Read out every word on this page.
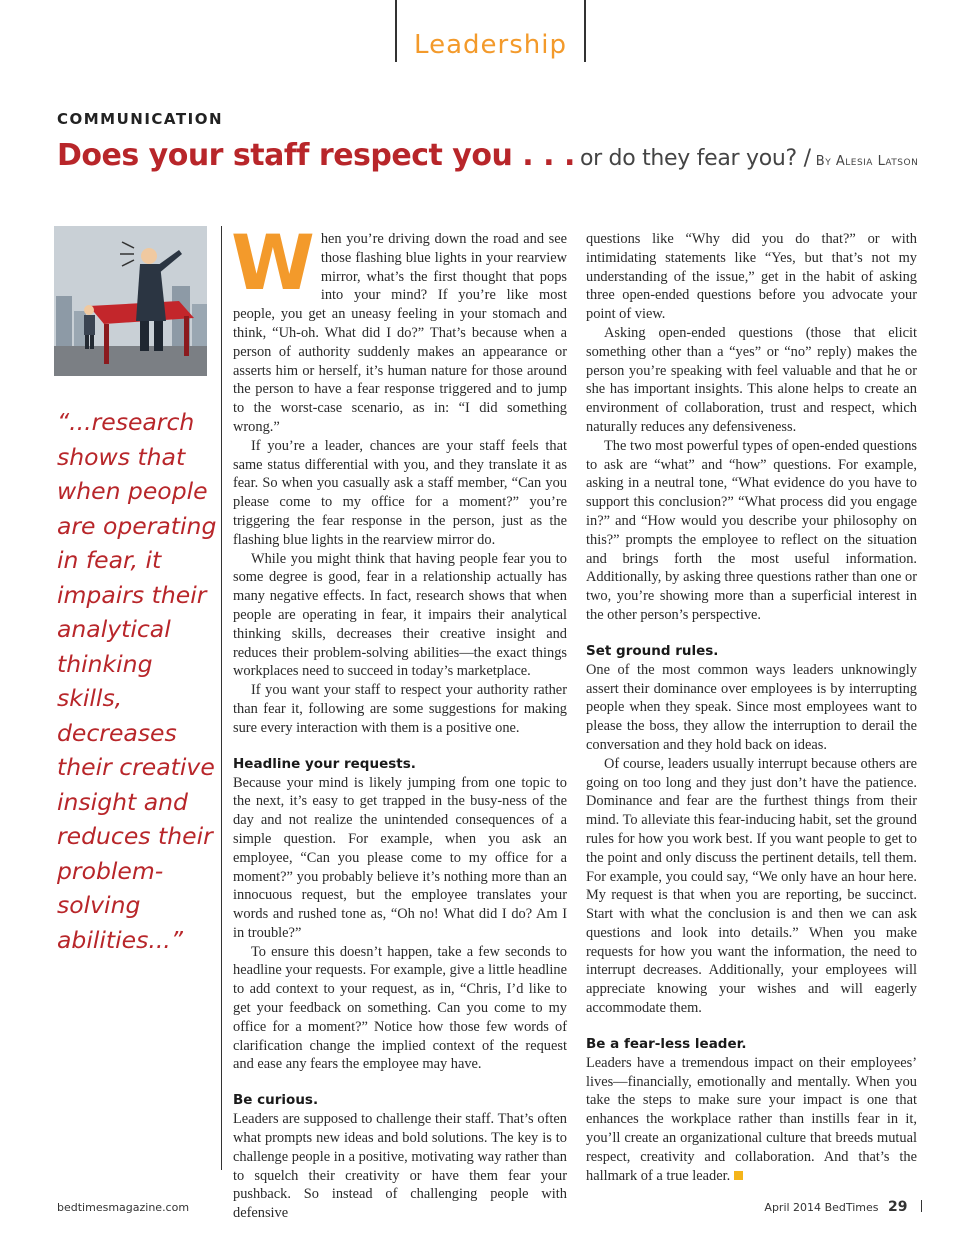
Leadership
COMMUNICATION
Does your staff respect you . . . or do they fear you? / By Alesia Latson

“...research shows that when people are operating in fear, it impairs their analytical thinking skills, decreases their creative insight and reduces their problem-solving abilities...”

W hen you’re driving down the road and see those flashing blue lights in your rearview mirror, what’s the first thought that pops into your mind? If you’re like most people, you get an uneasy feeling in your stomach and think, “Uh-oh. What did I do?” That’s because when a person of authority suddenly makes an appearance or asserts him or herself, it’s human nature for those around the person to have a fear response triggered and to jump to the worst-case scenario, as in: “I did something wrong.”

If you’re a leader, chances are your staff feels that same status differential with you, and they translate it as fear. So when you casually ask a staff member, “Can you please come to my office for a moment?” you’re triggering the fear response in the person, just as the flashing blue lights in the rearview mirror do.

While you might think that having people fear you to some degree is good, fear in a relationship actually has many negative effects. In fact, research shows that when people are operating in fear, it impairs their analytical thinking skills, decreases their creative insight and reduces their problem-solving abilities—the exact things workplaces need to succeed in today’s marketplace.

If you want your staff to respect your authority rather than fear it, following are some suggestions for making sure every interaction with them is a positive one.

Headline your requests.

Because your mind is likely jumping from one topic to the next, it’s easy to get trapped in the busy-ness of the day and not realize the unintended consequences of a simple question. For example, when you ask an employee, “Can you please come to my office for a moment?” you probably believe it’s nothing more than an innocuous request, but the employee translates your words and rushed tone as, “Oh no! What did I do? Am I in trouble?”

To ensure this doesn’t happen, take a few seconds to headline your requests. For example, give a little headline to add context to your request, as in, “Chris, I’d like to get your feedback on something. Can you come to my office for a moment?” Notice how those few words of clarification change the implied context of the request and ease any fears the employee may have.

Be curious.

Leaders are supposed to challenge their staff. That’s often what prompts new ideas and bold solutions. The key is to challenge people in a positive, motivating way rather than to squelch their creativity or have them fear your pushback. So instead of challenging people with defensive

questions like “Why did you do that?” or with intimidating statements like “Yes, but that’s not my understanding of the issue,” get in the habit of asking three open-ended questions before you advocate your point of view.

Asking open-ended questions (those that elicit something other than a “yes” or “no” reply) makes the person you’re speaking with feel valuable and that he or she has important insights. This alone helps to create an environment of collaboration, trust and respect, which naturally reduces any defensiveness.

The two most powerful types of open-ended questions to ask are “what” and “how” questions. For example, asking in a neutral tone, “What evidence do you have to support this conclusion?” “What process did you engage in?” and “How would you describe your philosophy on this?” prompts the employee to reflect on the situation and brings forth the most useful information. Additionally, by asking three questions rather than one or two, you’re showing more than a superficial interest in the other person’s perspective.

Set ground rules.

One of the most common ways leaders unknowingly assert their dominance over employees is by interrupting people when they speak. Since most employees want to please the boss, they allow the interruption to derail the conversation and they hold back on ideas.

Of course, leaders usually interrupt because others are going on too long and they just don’t have the patience. Dominance and fear are the furthest things from their mind. To alleviate this fear-inducing habit, set the ground rules for how you work best. If you want people to get to the point and only discuss the pertinent details, tell them. For example, you could say, “We only have an hour here. My request is that when you are reporting, be succinct. Start with what the conclusion is and then we can ask questions and look into details.” When you make requests for how you want the information, the need to interrupt decreases. Additionally, your employees will appreciate knowing your wishes and will eagerly accommodate them.

Be a fear-less leader.

Leaders have a tremendous impact on their employees’ lives—financially, emotionally and mentally. When you take the steps to make sure your impact is one that enhances the workplace rather than instills fear in it, you’ll create an organizational culture that breeds mutual respect, creativity and collaboration. And that’s the hallmark of a true leader.

bedtimesmagazine.com	April 2014 BedTimes 29
